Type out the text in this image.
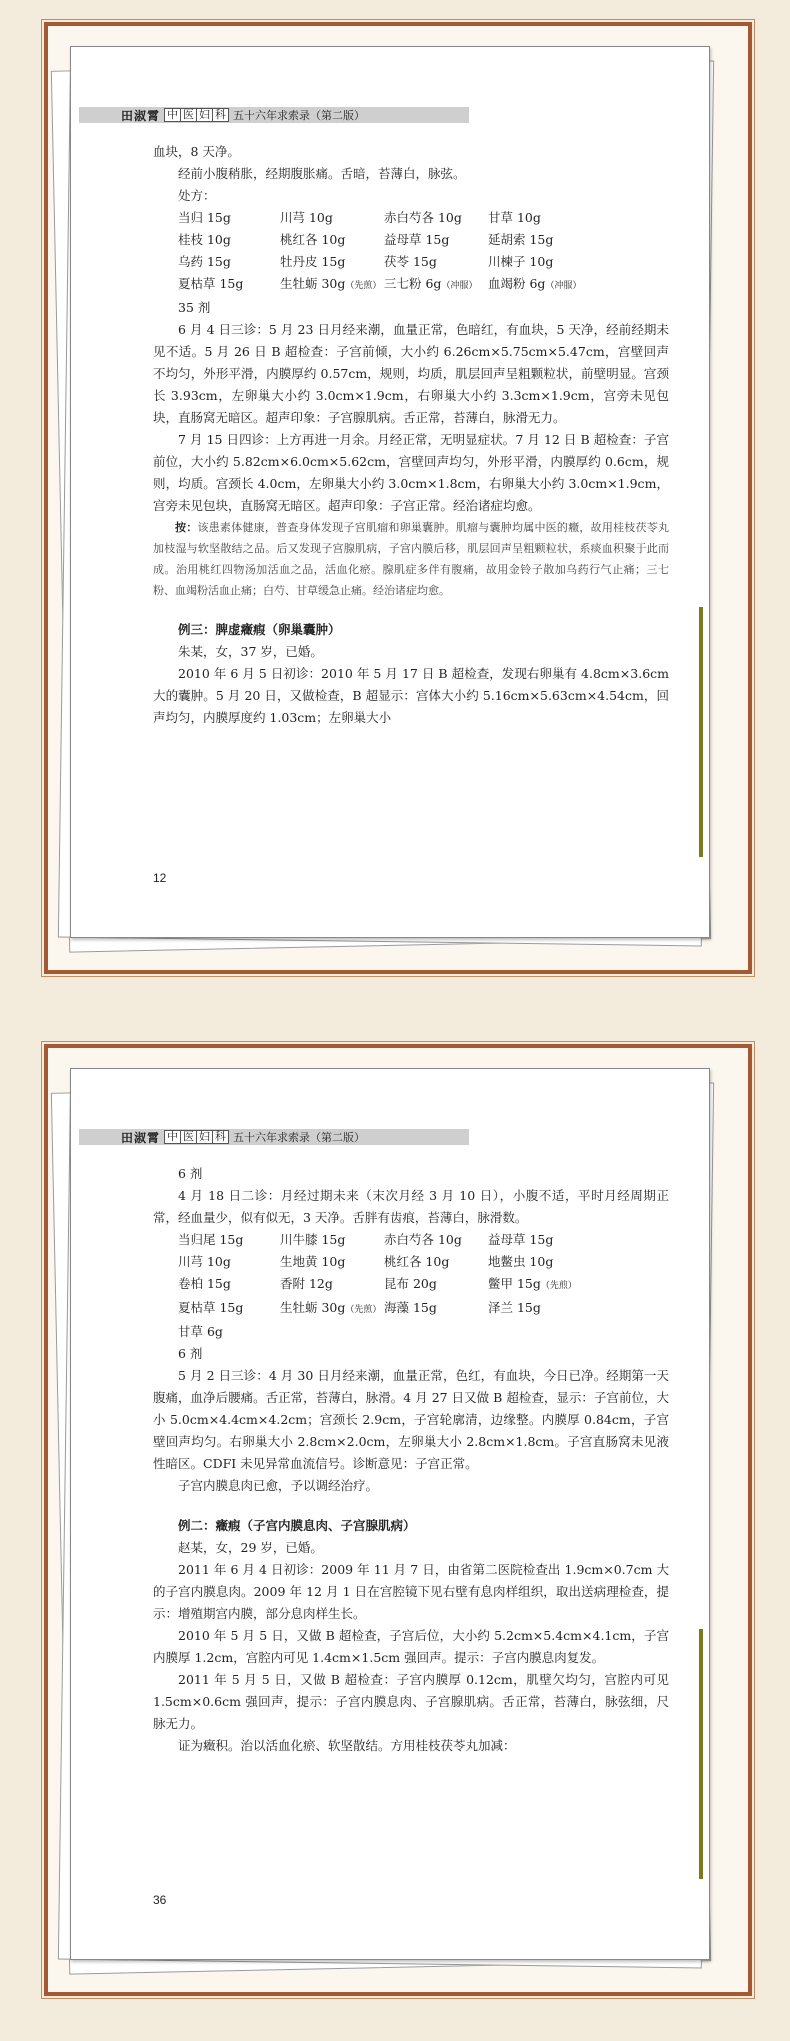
田淑霄 中 医 妇 科 五十六年求索录（第二版）

血块，8 天净。

经前小腹稍胀，经期腹胀痛。舌暗，苔薄白，脉弦。

处方：

当归 15g	川芎 10g	赤白芍各 10g	甘草 10g
桂枝 10g	桃红各 10g	益母草 15g	延胡索 15g
乌药 15g	牡丹皮 15g	茯苓 15g	川楝子 10g
夏枯草 15g	生牡蛎 30g（先煎） 三七粉 6g（冲服） 血竭粉 6g（冲服）

35 剂

6 月 4 日三诊：5 月 23 日月经来潮，血量正常，色暗红，有血块，5 天净，经前经期未见不适。5 月 26 日 B 超检查：子宫前倾，大小约 6.26cm×5.75cm×5.47cm，宫壁回声不均匀，外形平滑，内膜厚约 0.57cm，规则，均质，肌层回声呈粗颗粒状，前壁明显。宫颈长 3.93cm，左卵巢大小约 3.0cm×1.9cm，右卵巢大小约 3.3cm×1.9cm，宫旁未见包块，直肠窝无暗区。超声印象：子宫腺肌病。舌正常，苔薄白，脉滑无力。

7 月 15 日四诊：上方再进一月余。月经正常，无明显症状。7 月 12 日 B 超检查：子宫前位，大小约 5.82cm×6.0cm×5.62cm，宫壁回声均匀，外形平滑，内膜厚约 0.6cm，规则，均质。宫颈长 4.0cm，左卵巢大小约 3.0cm×1.8cm，右卵巢大小约 3.0cm×1.9cm，宫旁未见包块，直肠窝无暗区。超声印象：子宫正常。经治诸症均愈。

按：该患素体健康，普查身体发现子宫肌瘤和卵巢囊肿。肌瘤与囊肿均属中医的癥，故用桂枝茯苓丸加枝湿与软坚散结之品。后又发现子宫腺肌病，子宫内膜后移，肌层回声呈粗颗粒状，系痰血积聚于此而成。治用桃红四物汤加活血之品，活血化瘀。腺肌症多伴有腹痛，故用金铃子散加乌药行气止痛；三七粉、血竭粉活血止痛；白芍、甘草缓急止痛。经治诸症均愈。

例三：脾虚癥瘕（卵巢囊肿）

朱某，女，37 岁，已婚。

2010 年 6 月 5 日初诊：2010 年 5 月 17 日 B 超检查，发现右卵巢有 4.8cm×3.6cm 大的囊肿。5 月 20 日，又做检查，B 超显示：宫体大小约 5.16cm×5.63cm×4.54cm，回声均匀，内膜厚度约 1.03cm；左卵巢大小

12
田淑霄 中 医 妇 科 五十六年求索录（第二版）

6 剂

4 月 18 日二诊：月经过期未来（末次月经 3 月 10 日），小腹不适，平时月经周期正常，经血量少，似有似无，3 天净。舌胖有齿痕，苔薄白，脉滑数。

当归尾 15g	川牛膝 15g	赤白芍各 10g	益母草 15g
川芎 10g	生地黄 10g	桃红各 10g	地鳖虫 10g
卷柏 15g	香附 12g	昆布 20g	鳖甲 15g（先煎）
夏枯草 15g	生牡蛎 30g（先煎） 海藻 15g	泽兰 15g
甘草 6g

6 剂

5 月 2 日三诊：4 月 30 日月经来潮，血量正常，色红，有血块，今日已净。经期第一天腹痛，血净后腰痛。舌正常，苔薄白，脉滑。4 月 27 日又做 B 超检查，显示：子宫前位，大小 5.0cm×4.4cm×4.2cm；宫颈长 2.9cm，子宫轮廓清，边缘整。内膜厚 0.84cm，子宫壁回声均匀。右卵巢大小 2.8cm×2.0cm，左卵巢大小 2.8cm×1.8cm。子宫直肠窝未见液性暗区。CDFI 未见异常血流信号。诊断意见：子宫正常。

子宫内膜息肉已愈，予以调经治疗。

例二：癥瘕（子宫内膜息肉、子宫腺肌病）

赵某，女，29 岁，已婚。

2011 年 6 月 4 日初诊：2009 年 11 月 7 日，由省第二医院检查出 1.9cm×0.7cm 大的子宫内膜息肉。2009 年 12 月 1 日在宫腔镜下见右壁有息肉样组织，取出送病理检查，提示：增殖期宫内膜，部分息肉样生长。

2010 年 5 月 5 日，又做 B 超检查，子宫后位，大小约 5.2cm×5.4cm×4.1cm，子宫内膜厚 1.2cm，宫腔内可见 1.4cm×1.5cm 强回声。提示：子宫内膜息肉复发。

2011 年 5 月 5 日，又做 B 超检查：子宫内膜厚 0.12cm，肌壁欠均匀，宫腔内可见 1.5cm×0.6cm 强回声，提示：子宫内膜息肉、子宫腺肌病。舌正常，苔薄白，脉弦细，尺脉无力。

证为癥积。治以活血化瘀、软坚散结。方用桂枝茯苓丸加减：

36
